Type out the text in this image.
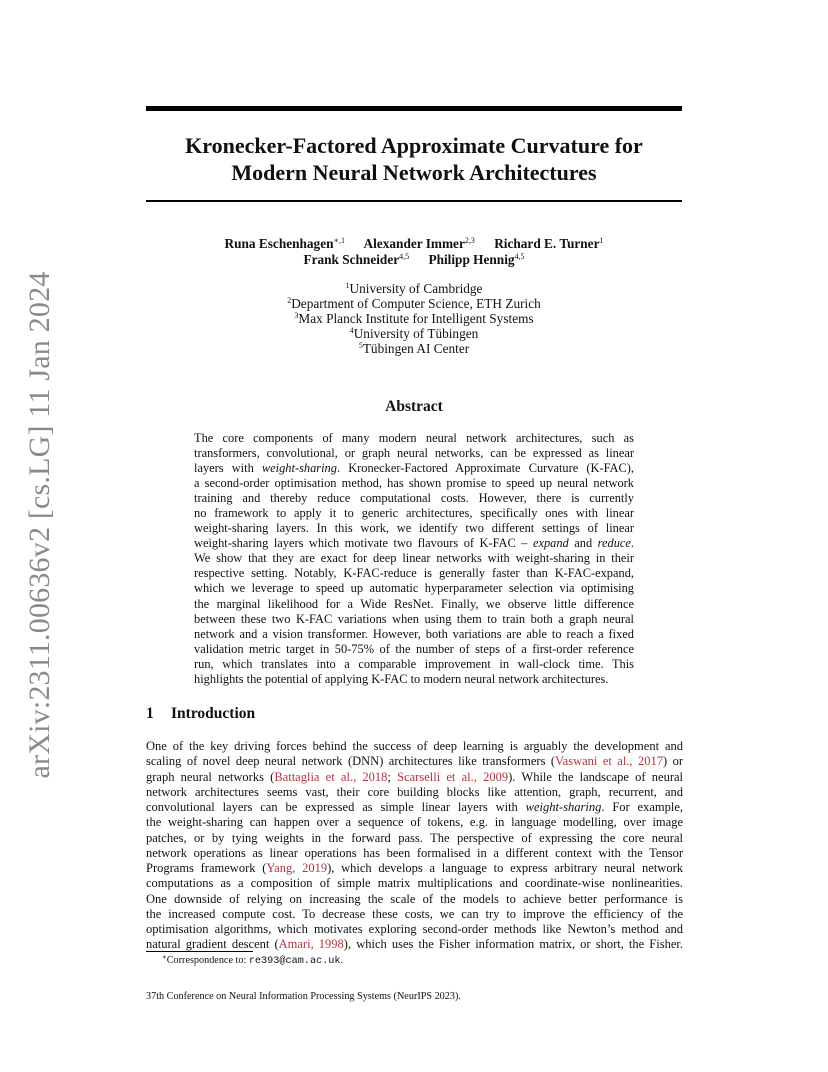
arXiv:2311.00636v2 [cs.LG] 11 Jan 2024
Kronecker-Factored Approximate Curvature for
Modern Neural Network Architectures
Runa Eschenhagen$^{∗,1}$ Alexander Immer$^{2,3}$ Richard E. Turner$^1$
Frank Schneider$^{4,5}$ Philipp Hennig$^{4,5}$
$^1$University of Cambridge
$^2$Department of Computer Science, ETH Zurich
$^3$Max Planck Institute for Intelligent Systems
$^4$University of Tübingen
$^5$Tübingen AI Center
Abstract
The core components of many modern neural network architectures, such as
transformers, convolutional, or graph neural networks, can be expressed as linear
layers with weight-sharing. Kronecker-Factored Approximate Curvature (K-FAC),
a second-order optimisation method, has shown promise to speed up neural network
training and thereby reduce computational costs. However, there is currently
no framework to apply it to generic architectures, specifically ones with linear
weight-sharing layers. In this work, we identify two different settings of linear
weight-sharing layers which motivate two flavours of K-FAC – expand and reduce.
We show that they are exact for deep linear networks with weight-sharing in their
respective setting. Notably, K-FAC-reduce is generally faster than K-FAC-expand,
which we leverage to speed up automatic hyperparameter selection via optimising
the marginal likelihood for a Wide ResNet. Finally, we observe little difference
between these two K-FAC variations when using them to train both a graph neural
network and a vision transformer. However, both variations are able to reach a fixed
validation metric target in 50-75% of the number of steps of a first-order reference
run, which translates into a comparable improvement in wall-clock time. This
highlights the potential of applying K-FAC to modern neural network architectures.
1 Introduction
One of the key driving forces behind the success of deep learning is arguably the development and
scaling of novel deep neural network (DNN) architectures like transformers (Vaswani et al., 2017) or
graph neural networks (Battaglia et al., 2018; Scarselli et al., 2009). While the landscape of neural
network architectures seems vast, their core building blocks like attention, graph, recurrent, and
convolutional layers can be expressed as simple linear layers with weight-sharing. For example,
the weight-sharing can happen over a sequence of tokens, e.g. in language modelling, over image
patches, or by tying weights in the forward pass. The perspective of expressing the core neural
network operations as linear operations has been formalised in a different context with the Tensor
Programs framework (Yang, 2019), which develops a language to express arbitrary neural network
computations as a composition of simple matrix multiplications and coordinate-wise nonlinearities.
One downside of relying on increasing the scale of the models to achieve better performance is
the increased compute cost. To decrease these costs, we can try to improve the efficiency of the
optimisation algorithms, which motivates exploring second-order methods like Newton’s method and
natural gradient descent (Amari, 1998), which uses the Fisher information matrix, or short, the Fisher.
∗Correspondence to: re393@cam.ac.uk.
37th Conference on Neural Information Processing Systems (NeurIPS 2023).
